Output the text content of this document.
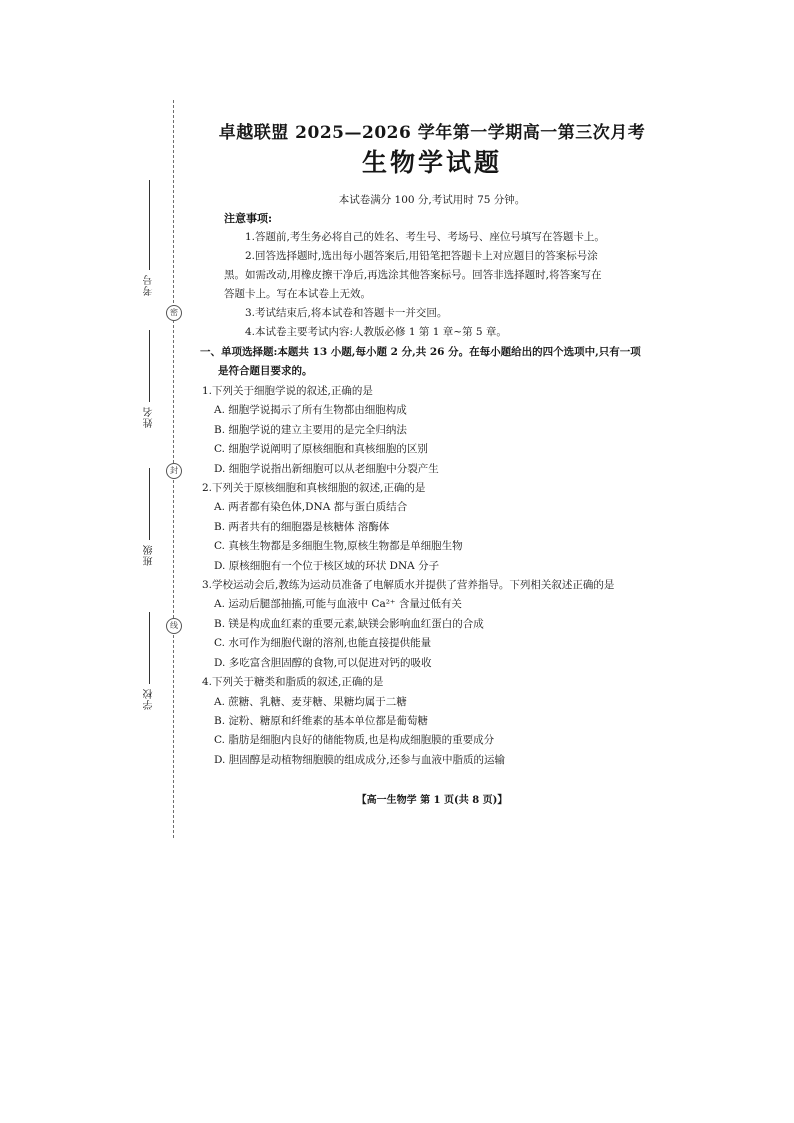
密
封
线
考号
姓名
班级
学校
卓越联盟 2025—2026 学年第一学期高一第三次月考
生物学试题
本试卷满分 100 分,考试用时 75 分钟。
注意事项:
1.答题前,考生务必将自己的姓名、考生号、考场号、座位号填写在答题卡上。
2.回答选择题时,选出每小题答案后,用铅笔把答题卡上对应题目的答案标号涂
黑。如需改动,用橡皮擦干净后,再选涂其他答案标号。回答非选择题时,将答案写在
答题卡上。写在本试卷上无效。
3.考试结束后,将本试卷和答题卡一并交回。
4.本试卷主要考试内容:人教版必修 1 第 1 章~第 5 章。
一、单项选择题:本题共 13 小题,每小题 2 分,共 26 分。在每小题给出的四个选项中,只有一项
是符合题目要求的。
1.下列关于细胞学说的叙述,正确的是
A. 细胞学说揭示了所有生物都由细胞构成
B. 细胞学说的建立主要用的是完全归纳法
C. 细胞学说阐明了原核细胞和真核细胞的区别
D. 细胞学说指出新细胞可以从老细胞中分裂产生
2.下列关于原核细胞和真核细胞的叙述,正确的是
A. 两者都有染色体,DNA 都与蛋白质结合
B. 两者共有的细胞器是核糖体 溶酶体
C. 真核生物都是多细胞生物,原核生物都是单细胞生物
D. 原核细胞有一个位于核区域的环状 DNA 分子
3.学校运动会后,教练为运动员准备了电解质水并提供了营养指导。下列相关叙述正确的是
A. 运动后腿部抽搐,可能与血液中 Ca²⁺ 含量过低有关
B. 镁是构成血红素的重要元素,缺镁会影响血红蛋白的合成
C. 水可作为细胞代谢的溶剂,也能直接提供能量
D. 多吃富含胆固醇的食物,可以促进对钙的吸收
4.下列关于糖类和脂质的叙述,正确的是
A. 蔗糖、乳糖、麦芽糖、果糖均属于二糖
B. 淀粉、糖原和纤维素的基本单位都是葡萄糖
C. 脂肪是细胞内良好的储能物质,也是构成细胞膜的重要成分
D. 胆固醇是动植物细胞膜的组成成分,还参与血液中脂质的运输
【高一生物学 第 1 页(共 8 页)】
